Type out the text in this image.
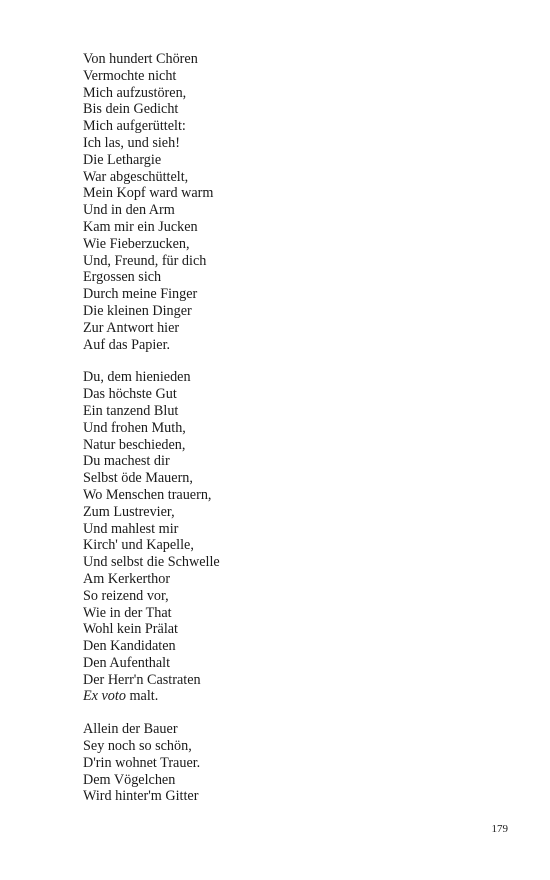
Von hundert Chören
Vermochte nicht
Mich aufzustören,
Bis dein Gedicht
Mich aufgerüttelt:
Ich las, und sieh!
Die Lethargie
War abgeschüttelt,
Mein Kopf ward warm
Und in den Arm
Kam mir ein Jucken
Wie Fieberzucken,
Und, Freund, für dich
Ergossen sich
Durch meine Finger
Die kleinen Dinger
Zur Antwort hier
Auf das Papier.
Du, dem hienieden
Das höchste Gut
Ein tanzend Blut
Und frohen Muth,
Natur beschieden,
Du machest dir
Selbst öde Mauern,
Wo Menschen trauern,
Zum Lustrevier,
Und mahlest mir
Kirch' und Kapelle,
Und selbst die Schwelle
Am Kerkerthor
So reizend vor,
Wie in der That
Wohl kein Prälat
Den Kandidaten
Den Aufenthalt
Der Herr'n Castraten
Ex voto malt.
Allein der Bauer
Sey noch so schön,
D'rin wohnet Trauer.
Dem Vögelchen
Wird hinter'm Gitter
179
